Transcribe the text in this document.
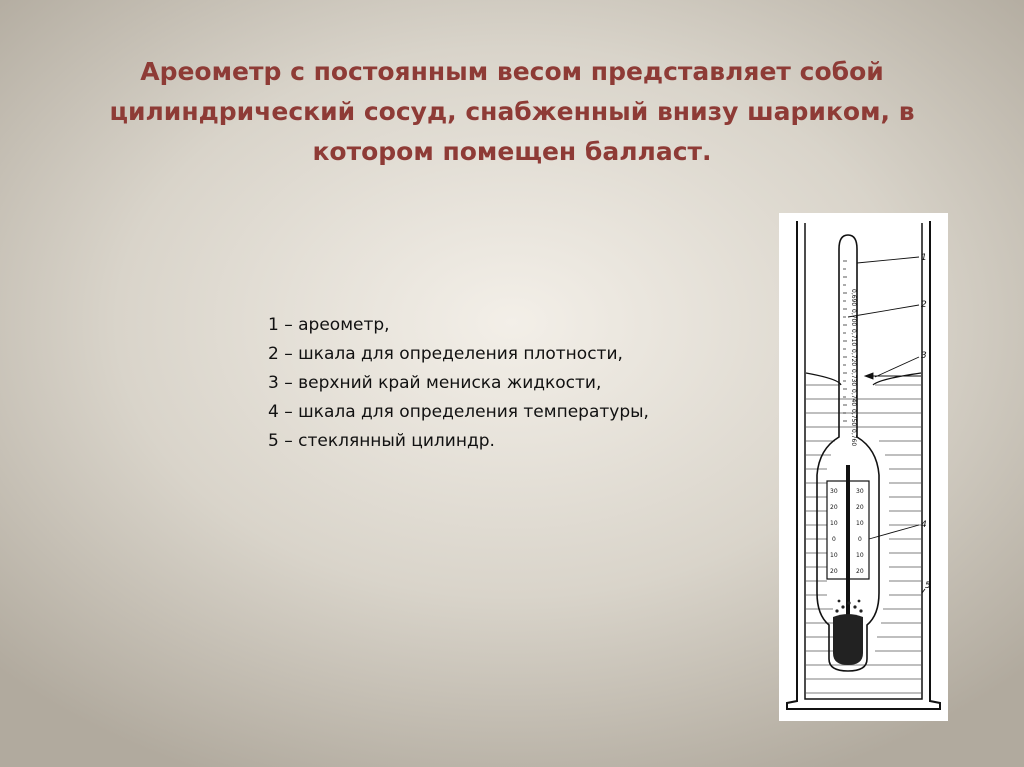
Ареометр с постоянным весом представляет собой цилиндрический сосуд, снабженный внизу шариком, в котором помещен балласт.
1 – ареометр,
2 – шкала для определения плотности,
3 – верхний край мениска жидкости,
4 – шкала для определения температуры,
5 – стеклянный цилиндр.
0,690
0,700
0,710
0,720
0,730
0,740
0,750
0,760
30
20
10
0
10
20
30
20
10
0
10
20
1
2
3
4
5
